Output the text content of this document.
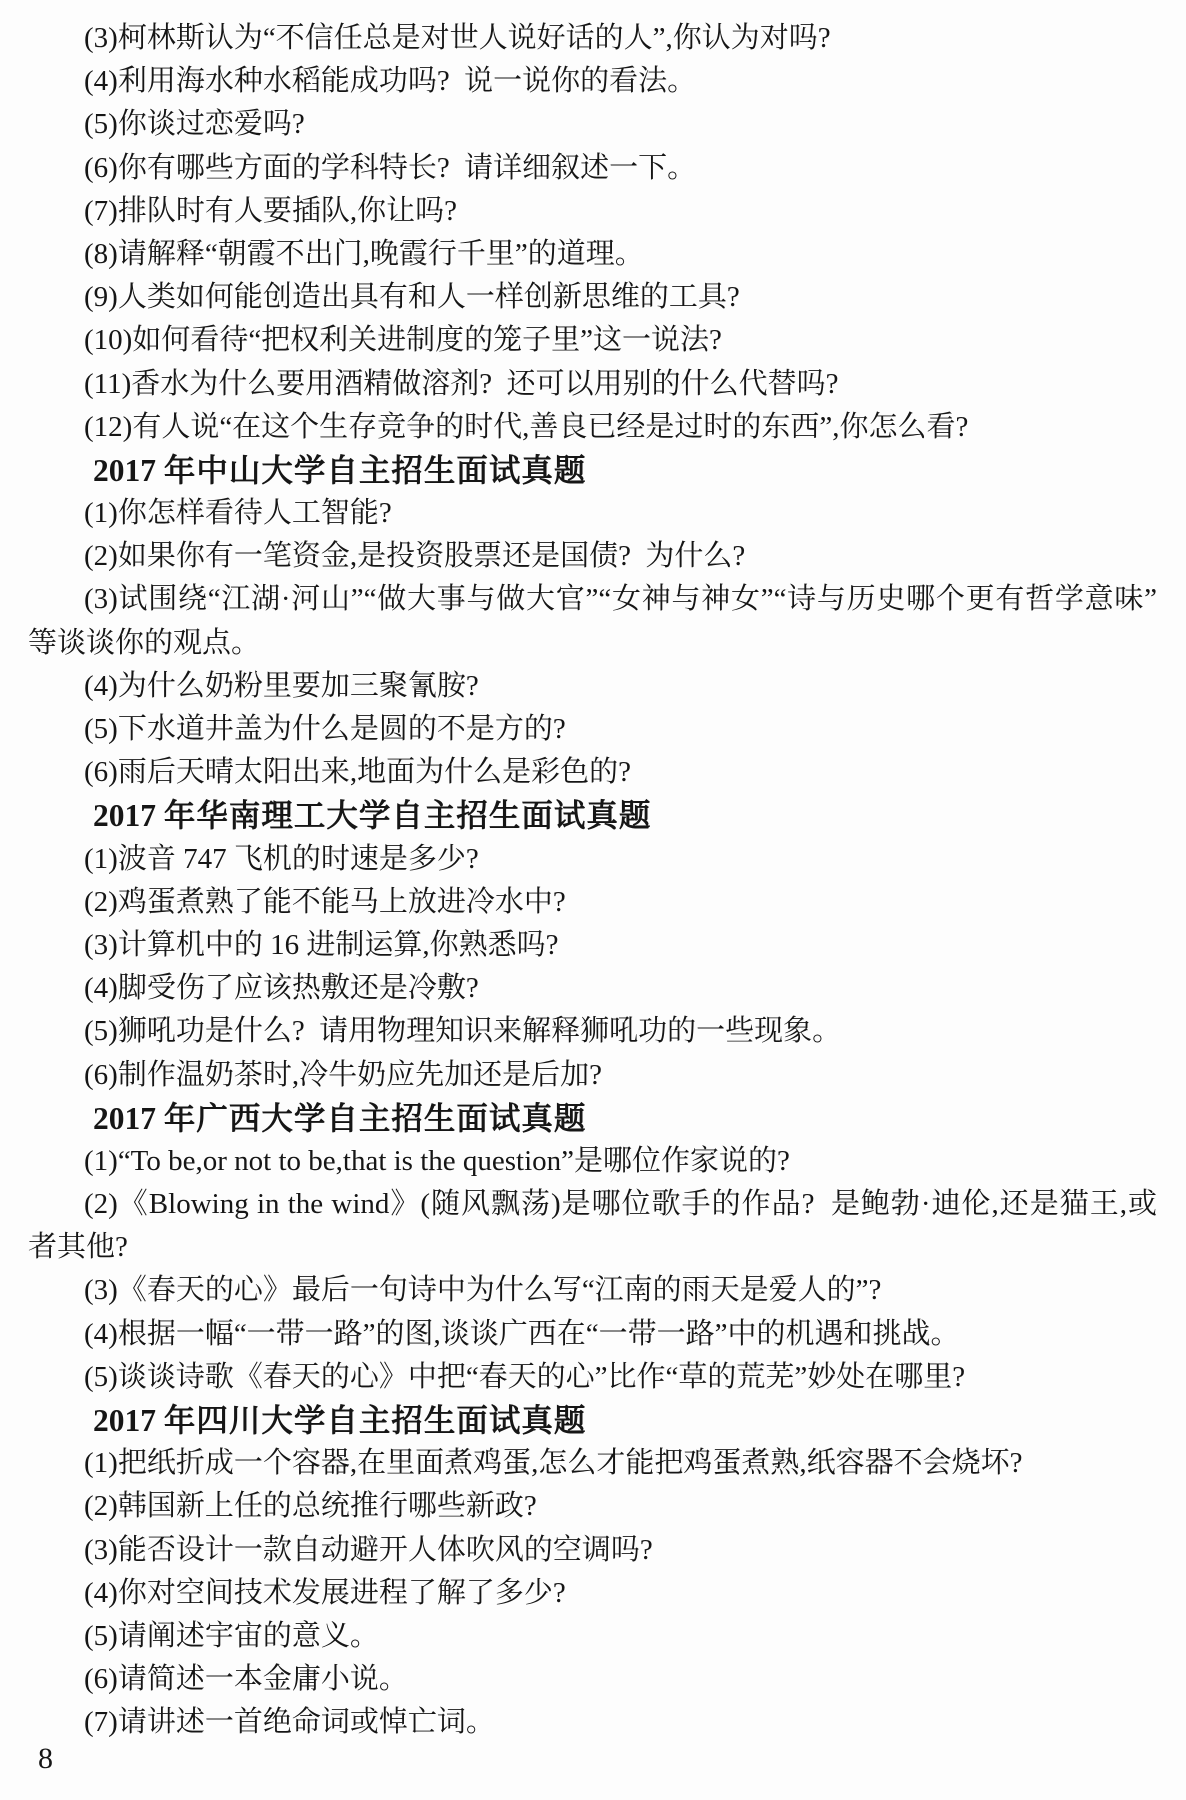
(3)柯林斯认为“不信任总是对世人说好话的人”,你认为对吗?
(4)利用海水种水稻能成功吗?  说一说你的看法。
(5)你谈过恋爱吗?
(6)你有哪些方面的学科特长?  请详细叙述一下。
(7)排队时有人要插队,你让吗?
(8)请解释“朝霞不出门,晚霞行千里”的道理。
(9)人类如何能创造出具有和人一样创新思维的工具?
(10)如何看待“把权利关进制度的笼子里”这一说法?
(11)香水为什么要用酒精做溶剂?  还可以用别的什么代替吗?
(12)有人说“在这个生存竞争的时代,善良已经是过时的东西”,你怎么看?
2017 年中山大学自主招生面试真题
(1)你怎样看待人工智能?
(2)如果你有一笔资金,是投资股票还是国债?  为什么?
(3)试围绕“江湖·河山”“做大事与做大官”“女神与神女”“诗与历史哪个更有哲学意味”
等谈谈你的观点。
(4)为什么奶粉里要加三聚氰胺?
(5)下水道井盖为什么是圆的不是方的?
(6)雨后天晴太阳出来,地面为什么是彩色的?
2017 年华南理工大学自主招生面试真题
(1)波音 747 飞机的时速是多少?
(2)鸡蛋煮熟了能不能马上放进冷水中?
(3)计算机中的 16 进制运算,你熟悉吗?
(4)脚受伤了应该热敷还是冷敷?
(5)狮吼功是什么?  请用物理知识来解释狮吼功的一些现象。
(6)制作温奶茶时,冷牛奶应先加还是后加?
2017 年广西大学自主招生面试真题
(1)“To be,or not to be,that is the question”是哪位作家说的?
(2)《Blowing in the wind》(随风飘荡)是哪位歌手的作品?  是鲍勃·迪伦,还是猫王,或
者其他?
(3)《春天的心》最后一句诗中为什么写“江南的雨天是爱人的”?
(4)根据一幅“一带一路”的图,谈谈广西在“一带一路”中的机遇和挑战。
(5)谈谈诗歌《春天的心》中把“春天的心”比作“草的荒芜”妙处在哪里?
2017 年四川大学自主招生面试真题
(1)把纸折成一个容器,在里面煮鸡蛋,怎么才能把鸡蛋煮熟,纸容器不会烧坏?
(2)韩国新上任的总统推行哪些新政?
(3)能否设计一款自动避开人体吹风的空调吗?
(4)你对空间技术发展进程了解了多少?
(5)请阐述宇宙的意义。
(6)请简述一本金庸小说。
(7)请讲述一首绝命词或悼亡词。
8
